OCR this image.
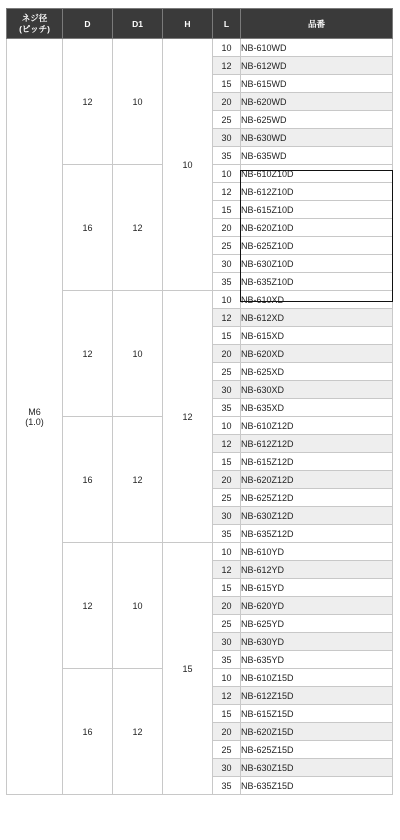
ネジ径
(ピッチ)	D	D1	H	L	品番
M6
(1.0)	12	10	10	10	NB-610WD
				12	NB-612WD
				15	NB-615WD
				20	NB-620WD
				25	NB-625WD
				30	NB-630WD
				35	NB-635WD
	16	12		10	NB-610Z10D
				12	NB-612Z10D
				15	NB-615Z10D
				20	NB-620Z10D
				25	NB-625Z10D
				30	NB-630Z10D
				35	NB-635Z10D
	12	10	12	10	NB-610XD
				12	NB-612XD
				15	NB-615XD
				20	NB-620XD
				25	NB-625XD
				30	NB-630XD
				35	NB-635XD
	16	12		10	NB-610Z12D
				12	NB-612Z12D
				15	NB-615Z12D
				20	NB-620Z12D
				25	NB-625Z12D
				30	NB-630Z12D
				35	NB-635Z12D
	12	10	15	10	NB-610YD
				12	NB-612YD
				15	NB-615YD
				20	NB-620YD
				25	NB-625YD
				30	NB-630YD
				35	NB-635YD
	16	12		10	NB-610Z15D
				12	NB-612Z15D
				15	NB-615Z15D
				20	NB-620Z15D
				25	NB-625Z15D
				30	NB-630Z15D
				35	NB-635Z15D
